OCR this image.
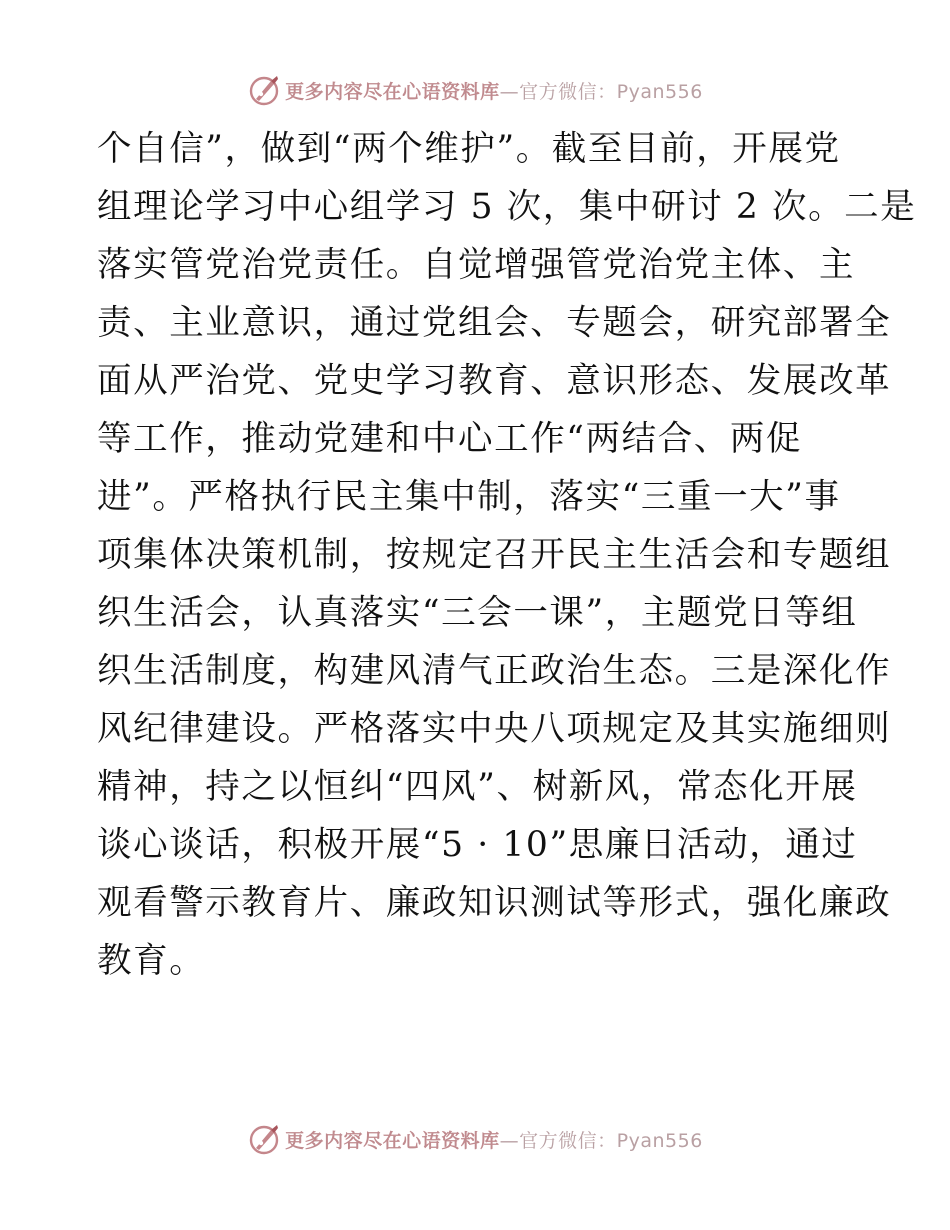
更多内容尽在心语资料库—官方微信：Pyan556
个自信”，做到“两个维护”。截至目前，开展党
组理论学习中心组学习 5 次，集中研讨 2 次。二是
落实管党治党责任。自觉增强管党治党主体、主
责、主业意识，通过党组会、专题会，研究部署全
面从严治党、党史学习教育、意识形态、发展改革
等工作，推动党建和中心工作“两结合、两促
进”。严格执行民主集中制，落实“三重一大”事
项集体决策机制，按规定召开民主生活会和专题组
织生活会，认真落实“三会一课”，主题党日等组
织生活制度，构建风清气正政治生态。三是深化作
风纪律建设。严格落实中央八项规定及其实施细则
精神，持之以恒纠“四风”、树新风，常态化开展
谈心谈话，积极开展“5 · 10”思廉日活动，通过
观看警示教育片、廉政知识测试等形式，强化廉政
教育。
更多内容尽在心语资料库—官方微信：Pyan556
